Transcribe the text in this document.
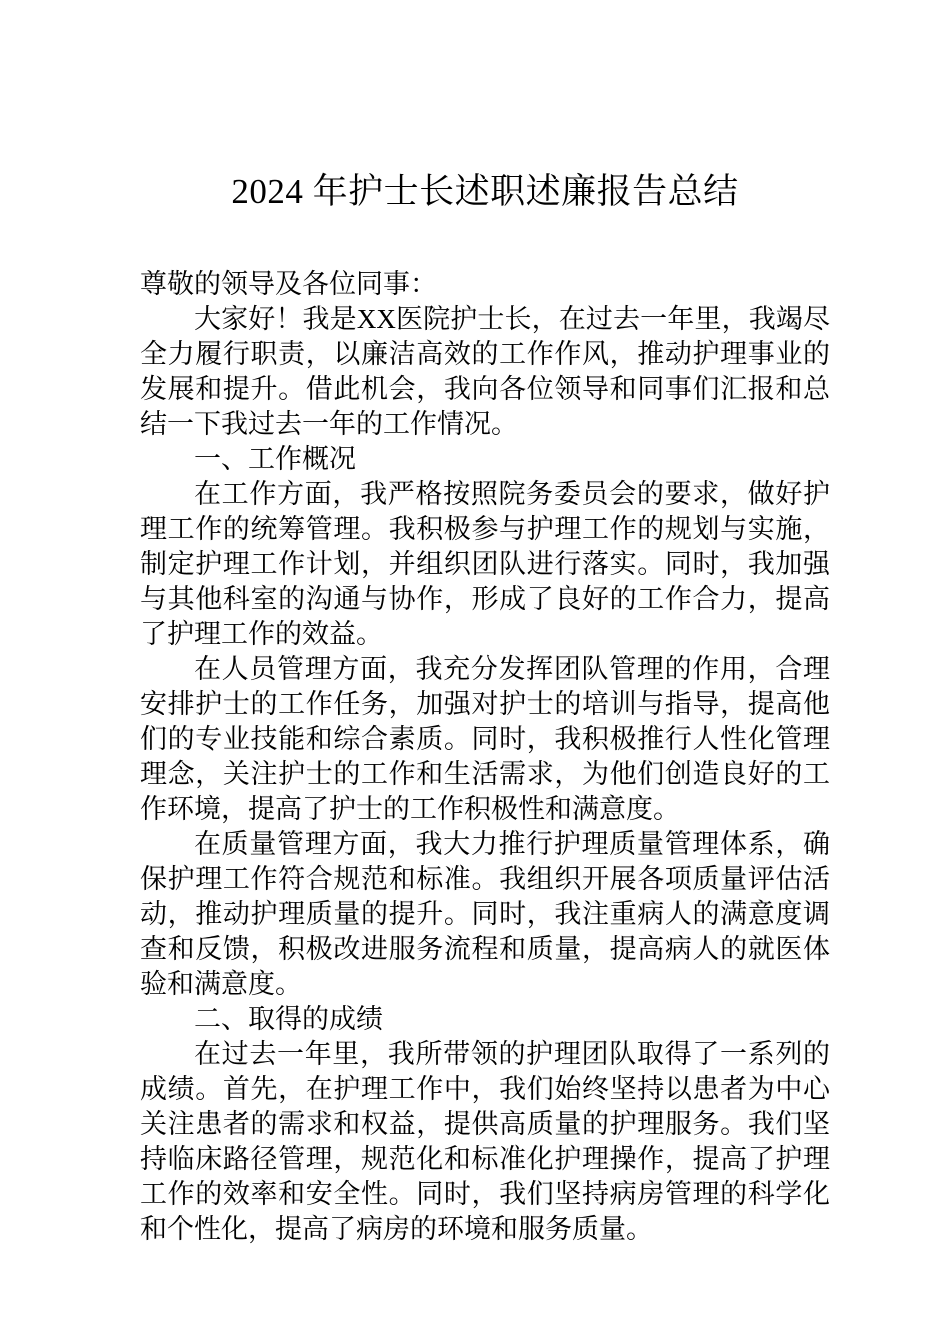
2024 年护士长述职述廉报告总结

尊敬的领导及各位同事：

大家好！我是XX医院护士长，在过去一年里，我竭尽全力履行职责，以廉洁高效的工作作风，推动护理事业的发展和提升。借此机会，我向各位领导和同事们汇报和总结一下我过去一年的工作情况。

一、工作概况

在工作方面，我严格按照院务委员会的要求，做好护理工作的统筹管理。我积极参与护理工作的规划与实施，制定护理工作计划，并组织团队进行落实。同时，我加强与其他科室的沟通与协作，形成了良好的工作合力，提高了护理工作的效益。

在人员管理方面，我充分发挥团队管理的作用，合理安排护士的工作任务，加强对护士的培训与指导，提高他们的专业技能和综合素质。同时，我积极推行人性化管理理念，关注护士的工作和生活需求，为他们创造良好的工作环境，提高了护士的工作积极性和满意度。

在质量管理方面，我大力推行护理质量管理体系，确保护理工作符合规范和标准。我组织开展各项质量评估活动，推动护理质量的提升。同时，我注重病人的满意度调查和反馈，积极改进服务流程和质量，提高病人的就医体验和满意度。

二、取得的成绩

在过去一年里，我所带领的护理团队取得了一系列的成绩。首先，在护理工作中，我们始终坚持以患者为中心关注患者的需求和权益，提供高质量的护理服务。我们坚持临床路径管理，规范化和标准化护理操作，提高了护理工作的效率和安全性。同时，我们坚持病房管理的科学化和个性化，提高了病房的环境和服务质量。
